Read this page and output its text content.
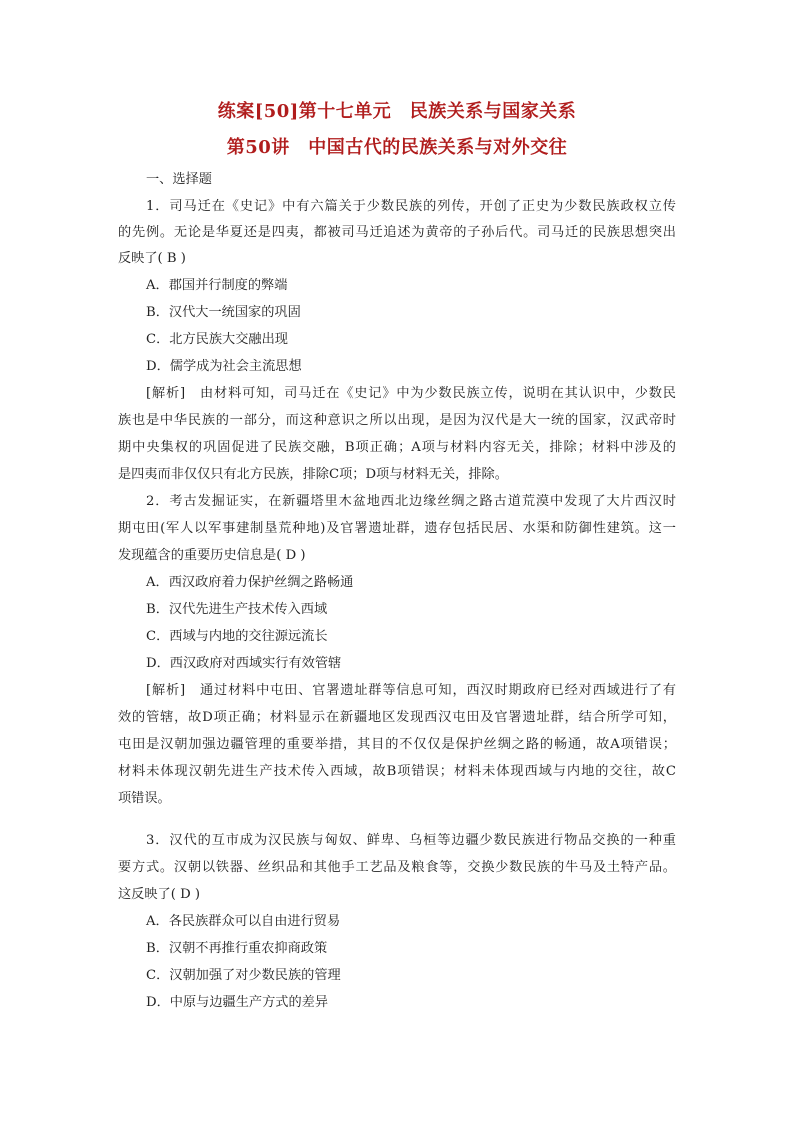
练案[50]第十七单元　民族关系与国家关系
第50讲　中国古代的民族关系与对外交往
一、选择题
1．司马迁在《史记》中有六篇关于少数民族的列传，开创了正史为少数民族政权立传
的先例。无论是华夏还是四夷，都被司马迁追述为黄帝的子孙后代。司马迁的民族思想突出
反映了( B )
A．郡国并行制度的弊端
B．汉代大一统国家的巩固
C．北方民族大交融出现
D．儒学成为社会主流思想
[解析]　由材料可知，司马迁在《史记》中为少数民族立传，说明在其认识中，少数民
族也是中华民族的一部分，而这种意识之所以出现，是因为汉代是大一统的国家，汉武帝时
期中央集权的巩固促进了民族交融，B项正确；A项与材料内容无关，排除；材料中涉及的
是四夷而非仅仅只有北方民族，排除C项；D项与材料无关，排除。
2．考古发掘证实，在新疆塔里木盆地西北边缘丝绸之路古道荒漠中发现了大片西汉时
期屯田(军人以军事建制垦荒种地)及官署遗址群，遗存包括民居、水渠和防御性建筑。这一
发现蕴含的重要历史信息是( D )
A．西汉政府着力保护丝绸之路畅通
B．汉代先进生产技术传入西域
C．西域与内地的交往源远流长
D．西汉政府对西域实行有效管辖
[解析]　通过材料中屯田、官署遗址群等信息可知，西汉时期政府已经对西域进行了有
效的管辖，故D项正确；材料显示在新疆地区发现西汉屯田及官署遗址群，结合所学可知，
屯田是汉朝加强边疆管理的重要举措，其目的不仅仅是保护丝绸之路的畅通，故A项错误；
材料未体现汉朝先进生产技术传入西域，故B项错误；材料未体现西域与内地的交往，故C
项错误。
3．汉代的互市成为汉民族与匈奴、鲜卑、乌桓等边疆少数民族进行物品交换的一种重
要方式。汉朝以铁器、丝织品和其他手工艺品及粮食等，交换少数民族的牛马及土特产品。
这反映了( D )
A．各民族群众可以自由进行贸易
B．汉朝不再推行重农抑商政策
C．汉朝加强了对少数民族的管理
D．中原与边疆生产方式的差异
